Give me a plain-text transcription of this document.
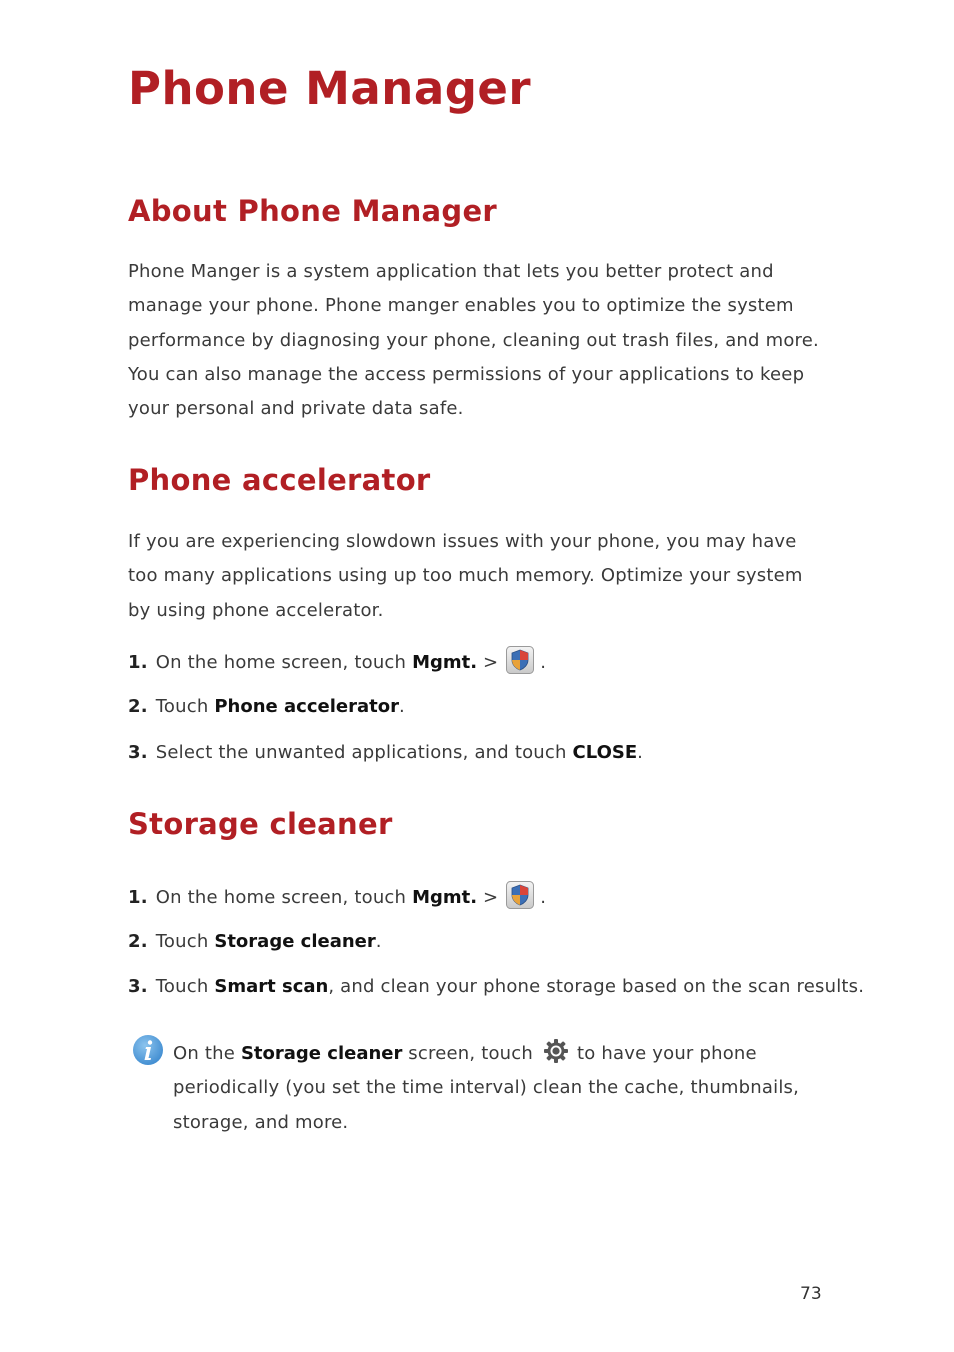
Phone Manager
About Phone Manager

Phone Manger is a system application that lets you better protect and manage your phone. Phone manger enables you to optimize the system performance by diagnosing your phone, cleaning out trash files, and more. You can also manage the access permissions of your applications to keep your personal and private data safe.

Phone accelerator

If you are experiencing slowdown issues with your phone, you may have too many applications using up too much memory. Optimize your system by using phone accelerator.

1. On the home screen, touch Mgmt. > .
2. Touch Phone accelerator.
3. Select the unwanted applications, and touch CLOSE.
Storage cleaner
1. On the home screen, touch Mgmt. > .
2. Touch Storage cleaner.
3. Touch Smart scan, and clean your phone storage based on the scan results.

On the Storage cleaner screen, touch to have your phone periodically (you set the time interval) clean the cache, thumbnails, storage, and more.

73
